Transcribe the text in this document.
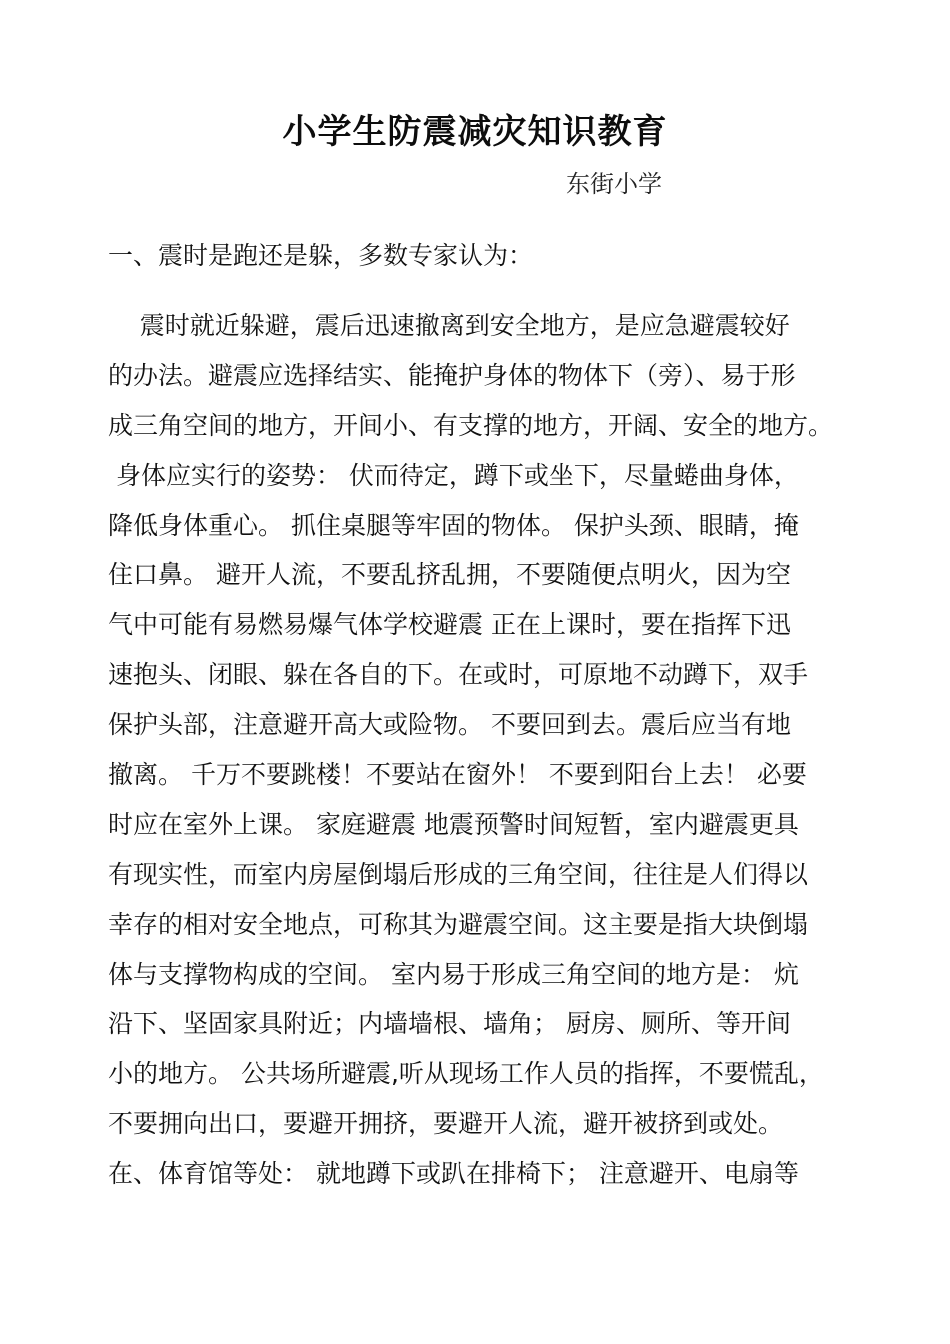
小学生防震减灾知识教育
东街小学
一、震时是跑还是躲，多数专家认为：
震时就近躲避，震后迅速撤离到安全地方，是应急避震较好
的办法。避震应选择结实、能掩护身体的物体下（旁）、易于形
成三角空间的地方，开间小、有支撑的地方，开阔、安全的地方。
身体应实行的姿势： 伏而待定，蹲下或坐下，尽量蜷曲身体，
降低身体重心。 抓住桌腿等牢固的物体。 保护头颈、眼睛，掩
住口鼻。 避开人流，不要乱挤乱拥，不要随便点明火，因为空
气中可能有易燃易爆气体学校避震 正在上课时，要在指挥下迅
速抱头、闭眼、躲在各自的下。在或时，可原地不动蹲下，双手
保护头部，注意避开高大或险物。 不要回到去。震后应当有地
撤离。 千万不要跳楼！不要站在窗外！ 不要到阳台上去！ 必要
时应在室外上课。 家庭避震 地震预警时间短暂，室内避震更具
有现实性，而室内房屋倒塌后形成的三角空间，往往是人们得以
幸存的相对安全地点，可称其为避震空间。这主要是指大块倒塌
体与支撑物构成的空间。 室内易于形成三角空间的地方是： 炕
沿下、坚固家具附近；内墙墙根、墙角； 厨房、厕所、等开间
小的地方。 公共场所避震,听从现场工作人员的指挥，不要慌乱，
不要拥向出口，要避开拥挤，要避开人流，避开被挤到或处。
在、体育馆等处： 就地蹲下或趴在排椅下； 注意避开、电扇等
